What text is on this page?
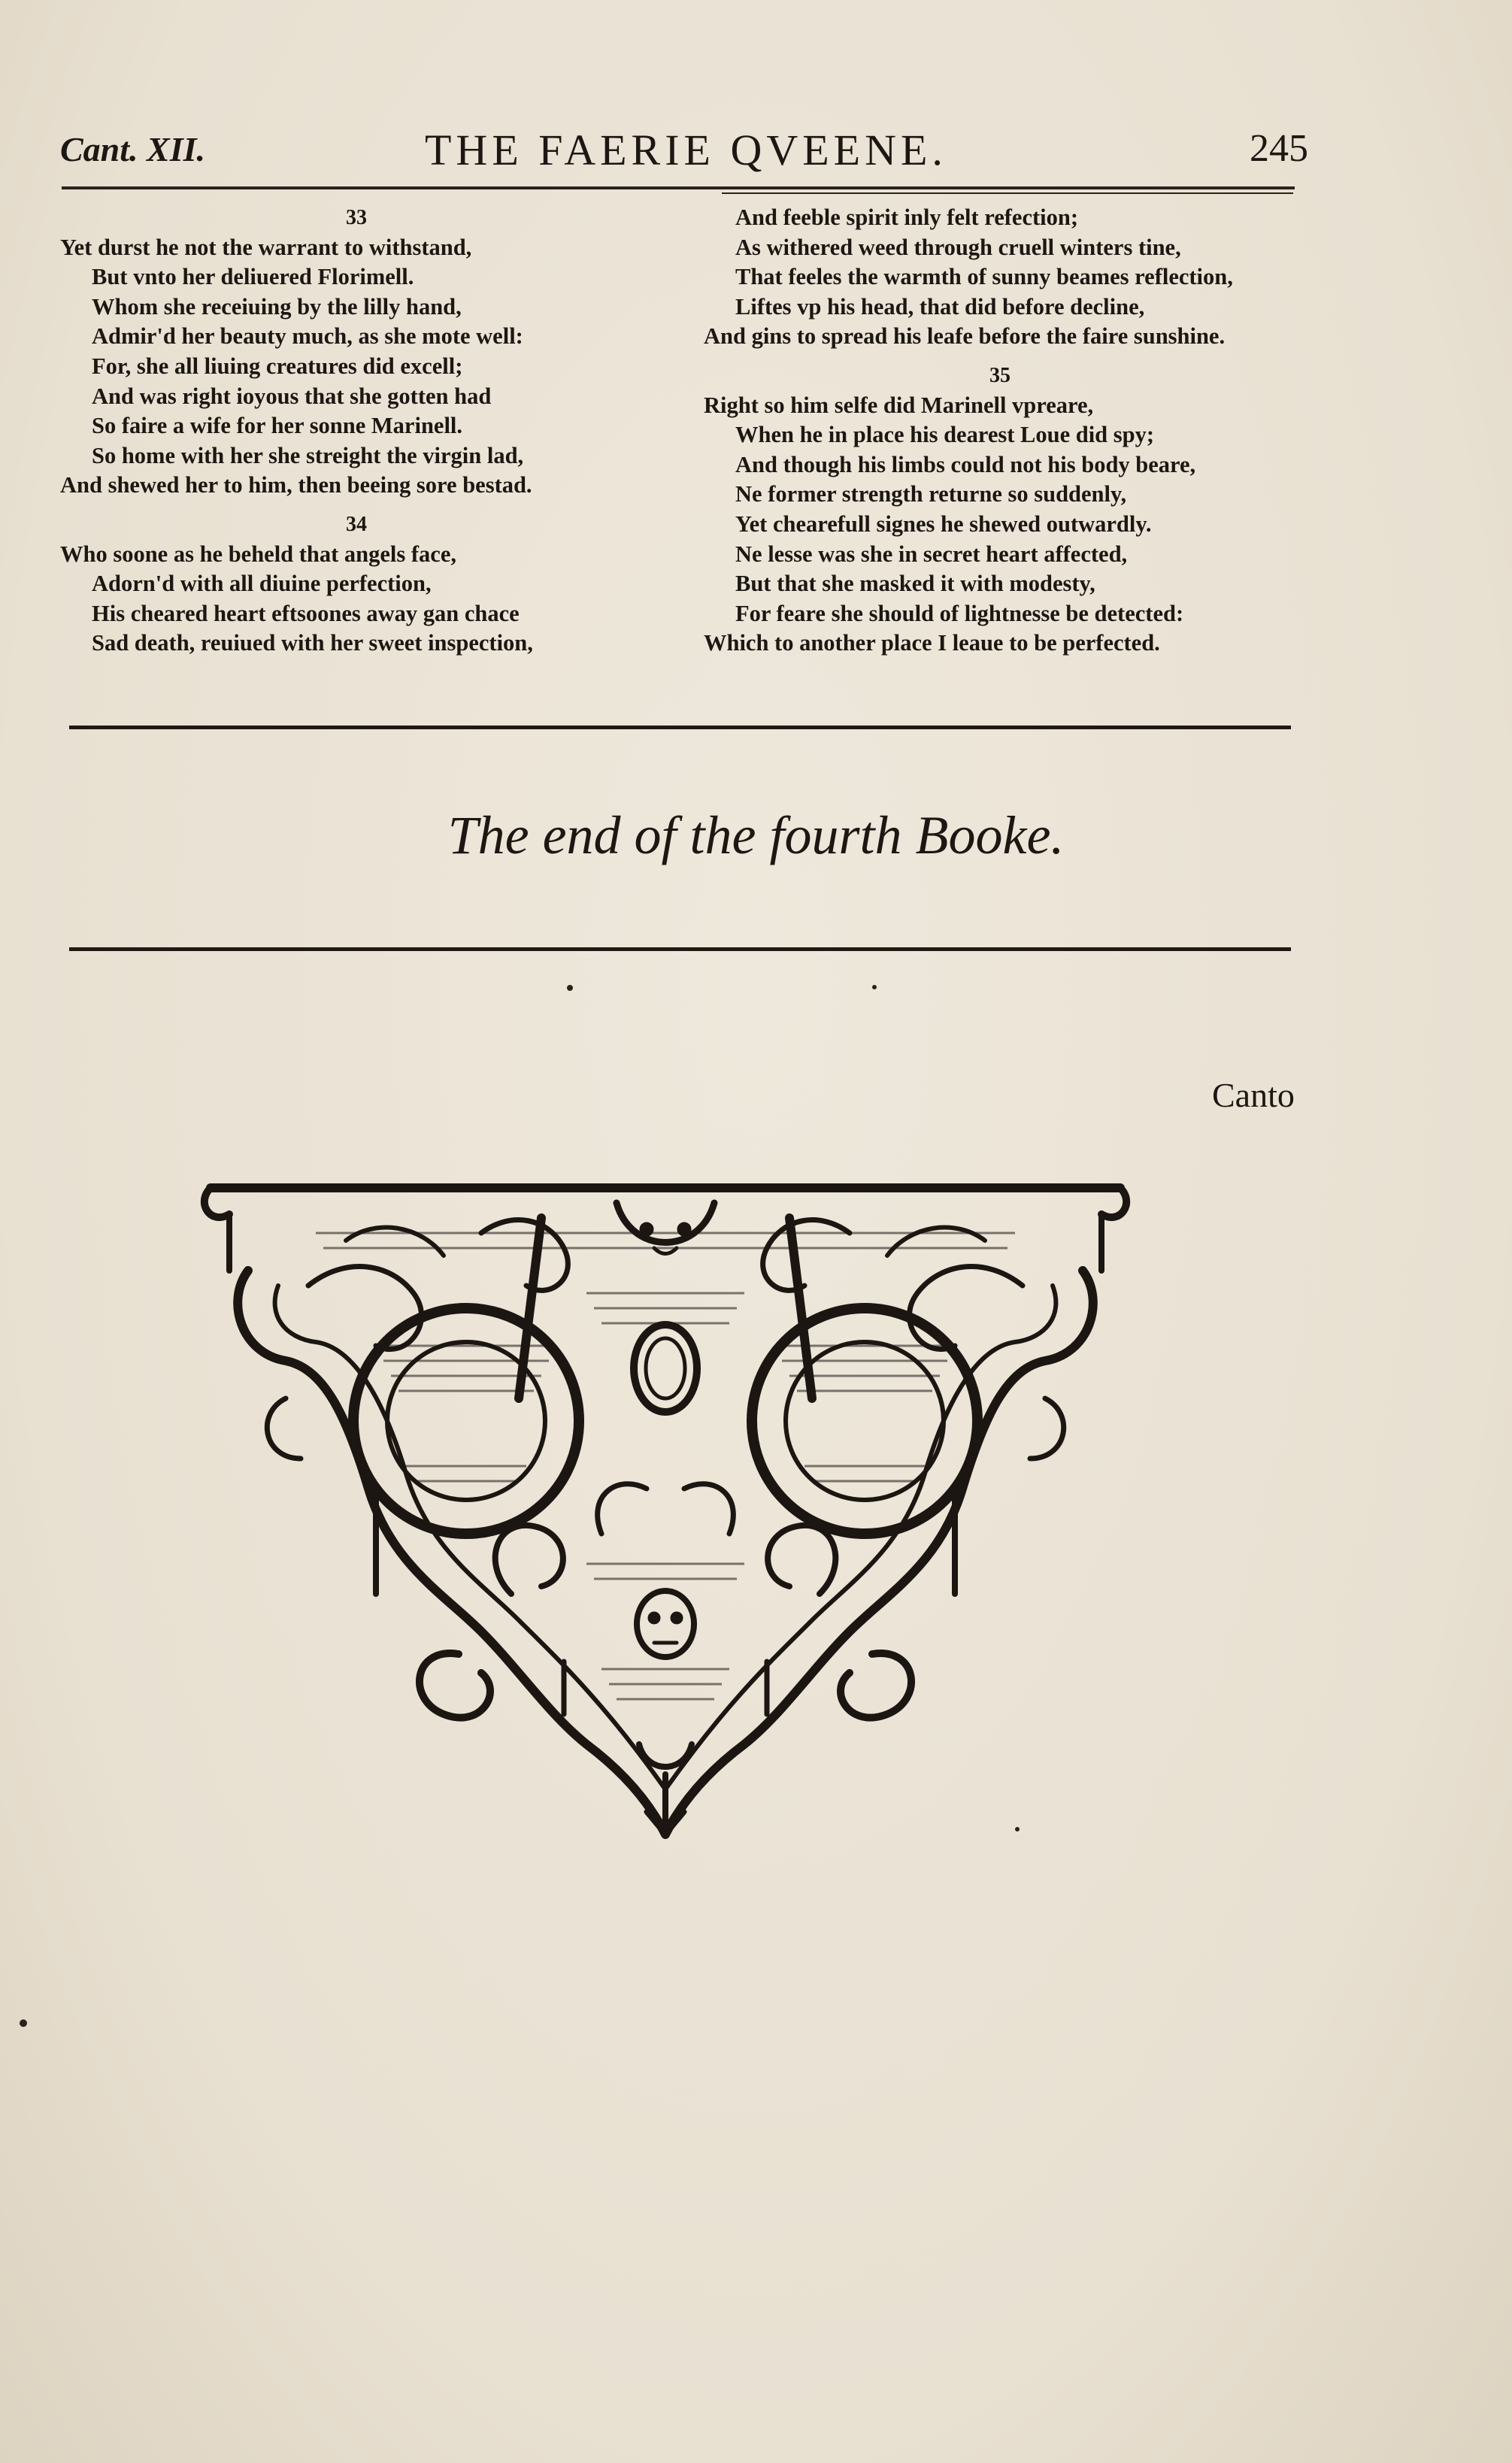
Cant. XII.	THE FAERIE QVEENE.	245
33
Yet durst he not the warrant to withstand,
But vnto her deliuered Florimell.
Whom she receiuing by the lilly hand,
Admir'd her beauty much, as she mote well:
For, she all liuing creatures did excell;
And was right ioyous that she gotten had
So faire a wife for her sonne Marinell.
So home with her she streight the virgin lad,
And shewed her to him, then beeing sore bestad.
34
Who soone as he beheld that angels face,
Adorn'd with all diuine perfection,
His cheared heart eftsoones away gan chace
Sad death, reuiued with her sweet inspection,
And feeble spirit inly felt refection;
As withered weed through cruell winters tine,
That feeles the warmth of sunny beames reflection,
Liftes vp his head, that did before decline,
And gins to spread his leafe before the faire sunshine.
35
Right so him selfe did Marinell vpreare,
When he in place his dearest Loue did spy;
And though his limbs could not his body beare,
Ne former strength returne so suddenly,
Yet chearefull signes he shewed outwardly.
Ne lesse was she in secret heart affected,
But that she masked it with modesty,
For feare she should of lightnesse be detected:
Which to another place I leaue to be perfected.
The end of the fourth Booke.
Canto
